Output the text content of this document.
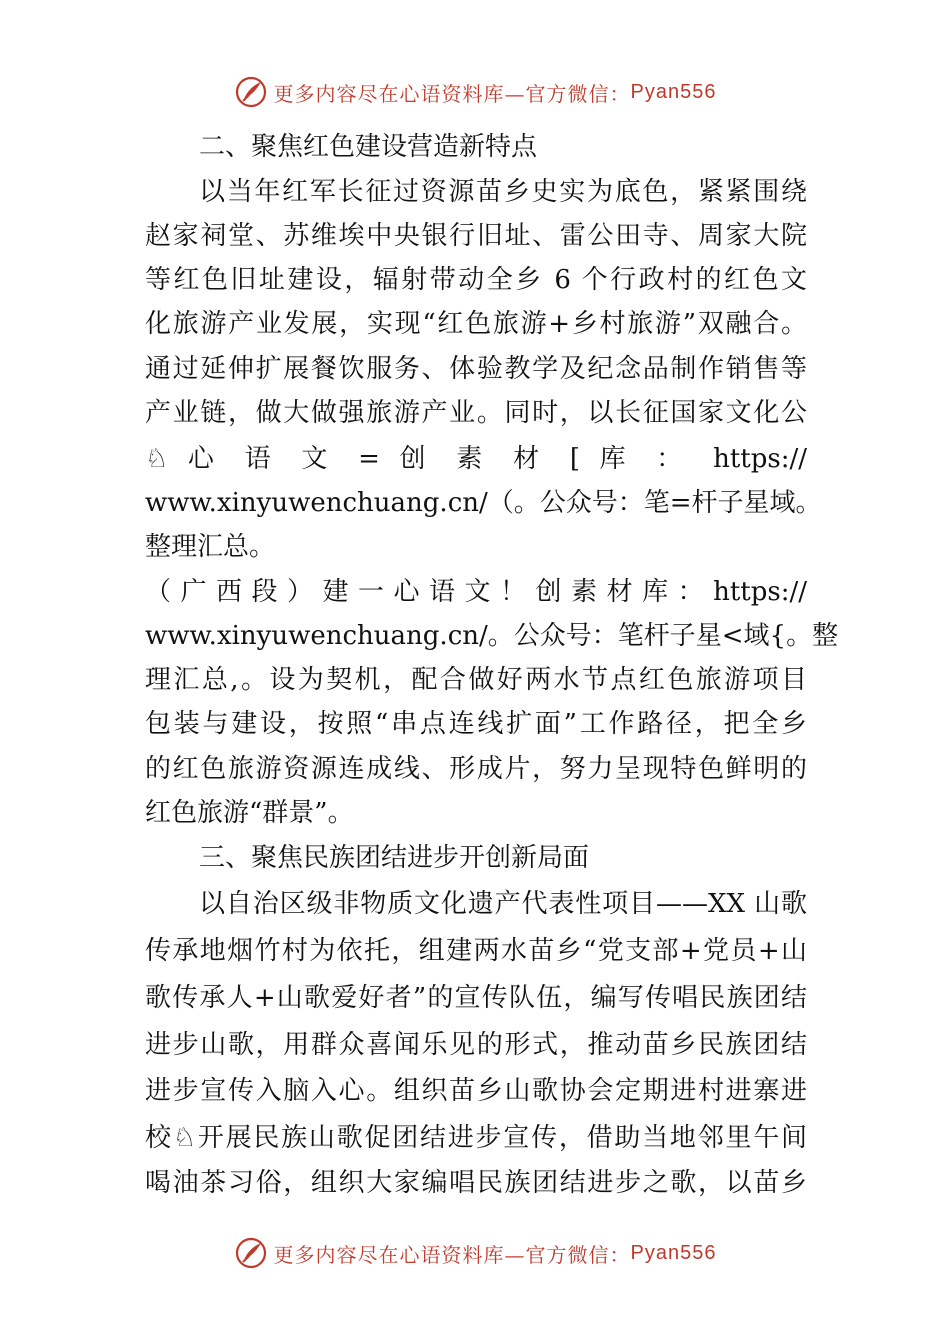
更多内容尽在心语资料库—官方微信： Pyan556
二、聚焦红色建设营造新特点
以当年红军长征过资源苗乡史实为底色，紧紧围绕
赵家祠堂、苏维埃中央银行旧址、雷公田寺、周家大院
等红色旧址建设，辐射带动全乡 6 个行政村的红色文
化旅游产业发展，实现“红色旅游+乡村旅游”双融合。
通过延伸扩展餐饮服务、体验教学及纪念品制作销售等
产业链，做大做强旅游产业。同时，以长征国家文化公
♘ 心 语 文 = 创 素 材 [ 库 ： https://
www.xinyuwenchuang.cn/（。公众号：笔=杆子星域。
整理汇总。
（广西段）建一心语文！创素材库：https://
www.xinyuwenchuang.cn/。公众号：笔杆子星<域{。整
理汇总,。设为契机，配合做好两水节点红色旅游项目
包装与建设，按照“串点连线扩面”工作路径，把全乡
的红色旅游资源连成线、形成片，努力呈现特色鲜明的
红色旅游“群景”。
三、聚焦民族团结进步开创新局面
以自治区级非物质文化遗产代表性项目——XX 山歌
传承地烟竹村为依托，组建两水苗乡“党支部+党员+山
歌传承人+山歌爱好者”的宣传队伍，编写传唱民族团结
进步山歌，用群众喜闻乐见的形式，推动苗乡民族团结
进步宣传入脑入心。组织苗乡山歌协会定期进村进寨进
校♘开展民族山歌促团结进步宣传，借助当地邻里午间
喝油茶习俗，组织大家编唱民族团结进步之歌，以苗乡
更多内容尽在心语资料库—官方微信： Pyan556
